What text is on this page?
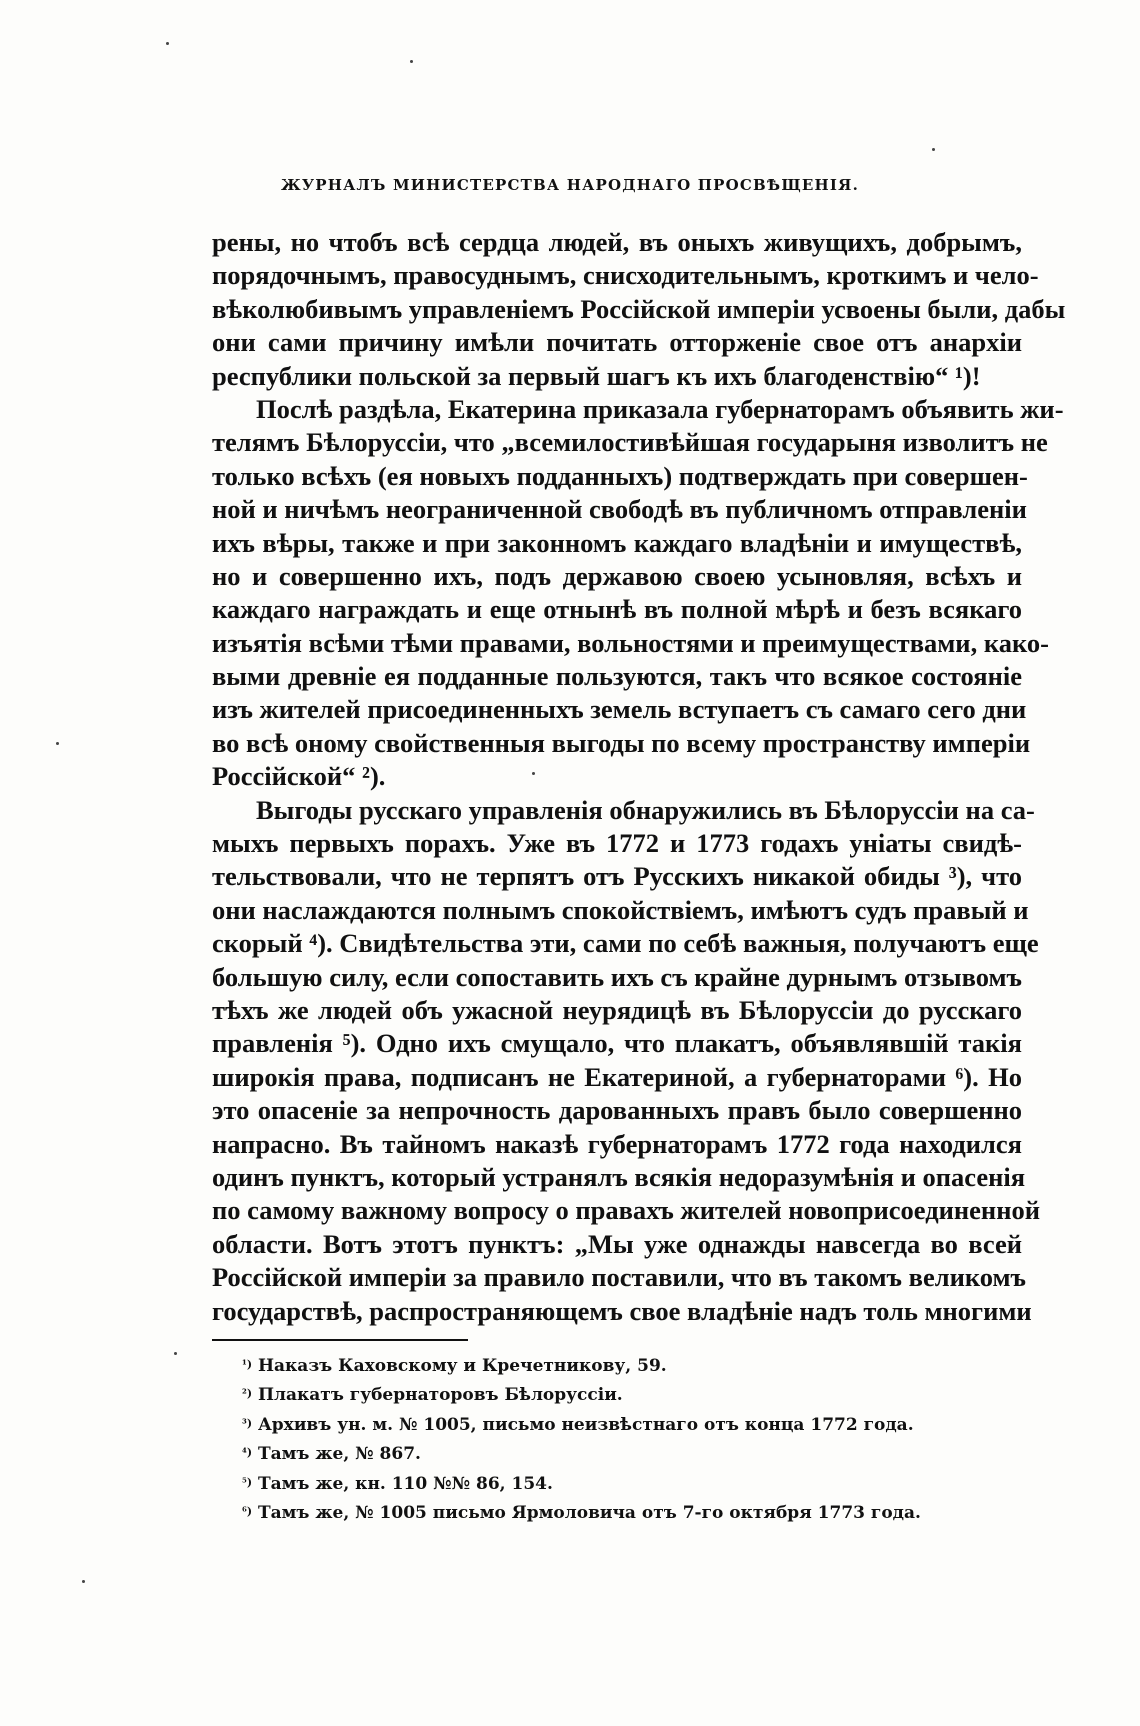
ЖУРНАЛЪ МИНИСТЕРСТВА НАРОДНАГО ПРОСВѢЩЕНІЯ.
рены, но чтобъ всѣ сердца людей, въ оныхъ живущихъ, добрымъ,
порядочнымъ, правосуднымъ, снисходительнымъ, кроткимъ и чело-
вѣколюбивымъ управленіемъ Россійской имперіи усвоены были, дабы
они сами причину имѣли почитать отторженіе свое отъ анархіи
республики польской за первый шагъ къ ихъ благоденствію“ ¹)!
Послѣ раздѣла, Екатерина приказала губернаторамъ объявить жи-
телямъ Бѣлоруссіи, что „всемилостивѣйшая государыня изволитъ не
только всѣхъ (ея новыхъ подданныхъ) подтверждать при совершен-
ной и ничѣмъ неограниченной свободѣ въ публичномъ отправленіи
ихъ вѣры, также и при законномъ каждаго владѣніи и имуществѣ,
но и совершенно ихъ, подъ державою своею усыновляя, всѣхъ и
каждаго награждать и еще отнынѣ въ полной мѣрѣ и безъ всякаго
изъятія всѣми тѣми правами, вольностями и преимуществами, како-
выми древніе ея подданные пользуются, такъ что всякое состояніе
изъ жителей присоединенныхъ земель вступаетъ съ самаго сего дни
во всѣ оному свойственныя выгоды по всему пространству имперіи
Россійской“ ²).
Выгоды русскаго управленія обнаружились въ Бѣлоруссіи на са-
мыхъ первыхъ порахъ. Уже въ 1772 и 1773 годахъ уніаты свидѣ-
тельствовали, что не терпятъ отъ Русскихъ никакой обиды ³), что
они наслаждаются полнымъ спокойствіемъ, имѣютъ судъ правый и
скорый ⁴). Свидѣтельства эти, сами по себѣ важныя, получаютъ еще
большую силу, если сопоставить ихъ съ крайне дурнымъ отзывомъ
тѣхъ же людей объ ужасной неурядицѣ въ Бѣлоруссіи до русскаго
правленія ⁵). Одно ихъ смущало, что плакатъ, объявлявшій такія
широкія права, подписанъ не Екатериной, а губернаторами ⁶). Но
это опасеніе за непрочность дарованныхъ правъ было совершенно
напрасно. Въ тайномъ наказѣ губернаторамъ 1772 года находился
одинъ пунктъ, который устранялъ всякія недоразумѣнія и опасенія
по самому важному вопросу о правахъ жителей новоприсоединенной
области. Вотъ этотъ пунктъ: „Мы уже однажды навсегда во всей
Россійской имперіи за правило поставили, что въ такомъ великомъ
государствѣ, распространяющемъ свое владѣніе надъ толь многими
$^{^1)}$ Наказъ Каховскому и Кречетникову, 59.
$^{^2)}$ Плакатъ губернаторовъ Бѣлоруссіи.
$^{^3)}$ Архивъ ун. м. № 1005, письмо неизвѣстнаго отъ конца 1772 года.
$^{^4)}$ Тамъ же, № 867.
$^{^5)}$ Тамъ же, кн. 110 №№ 86, 154.
$^{^6)}$ Тамъ же, № 1005 письмо Ярмоловича отъ 7-го октября 1773 года.
